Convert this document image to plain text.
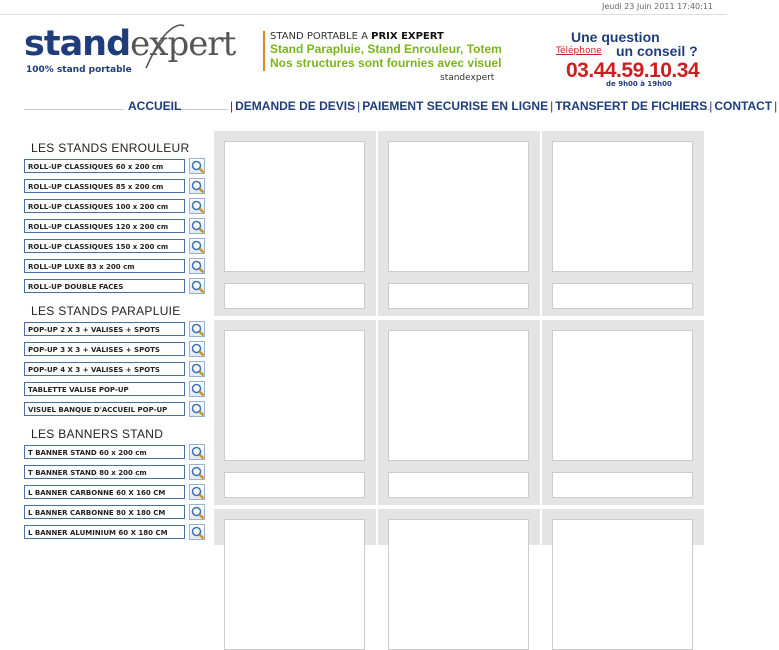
Jeudi 23 Juin 2011 17:40:11
standexpert
100% stand portable
STAND PORTABLE A PRIX EXPERT
Stand Parapluie, Stand Enrouleur, Totem
Nos structures sont fournies avec visuel
standexpert
Une question
Téléphone un conseil ?
03.44.59.10.34
de 9h00 à 19h00
ACCUEIL	| DEMANDE DE DEVIS | PAIEMENT SECURISE EN LIGNE | TRANSFERT DE FICHIERS | CONTACT |
LES STANDS ENROULEUR
ROLL-UP CLASSIQUES 60 x 200 cm
ROLL-UP CLASSIQUES 85 x 200 cm
ROLL-UP CLASSIQUES 100 x 200 cm
ROLL-UP CLASSIQUES 120 x 200 cm
ROLL-UP CLASSIQUES 150 x 200 cm
ROLL-UP LUXE 83 x 200 cm
ROLL-UP DOUBLE FACES
LES STANDS PARAPLUIE
POP-UP 2 X 3 + VALISES + SPOTS
POP-UP 3 X 3 + VALISES + SPOTS
POP-UP 4 X 3 + VALISES + SPOTS
TABLETTE VALISE POP-UP
VISUEL BANQUE D'ACCUEIL POP-UP
LES BANNERS STAND
T BANNER STAND 60 x 200 cm
T BANNER STAND 80 x 200 cm
L BANNER CARBONNE 60 X 160 CM
L BANNER CARBONNE 80 X 180 CM
L BANNER ALUMINIUM 60 X 180 CM
